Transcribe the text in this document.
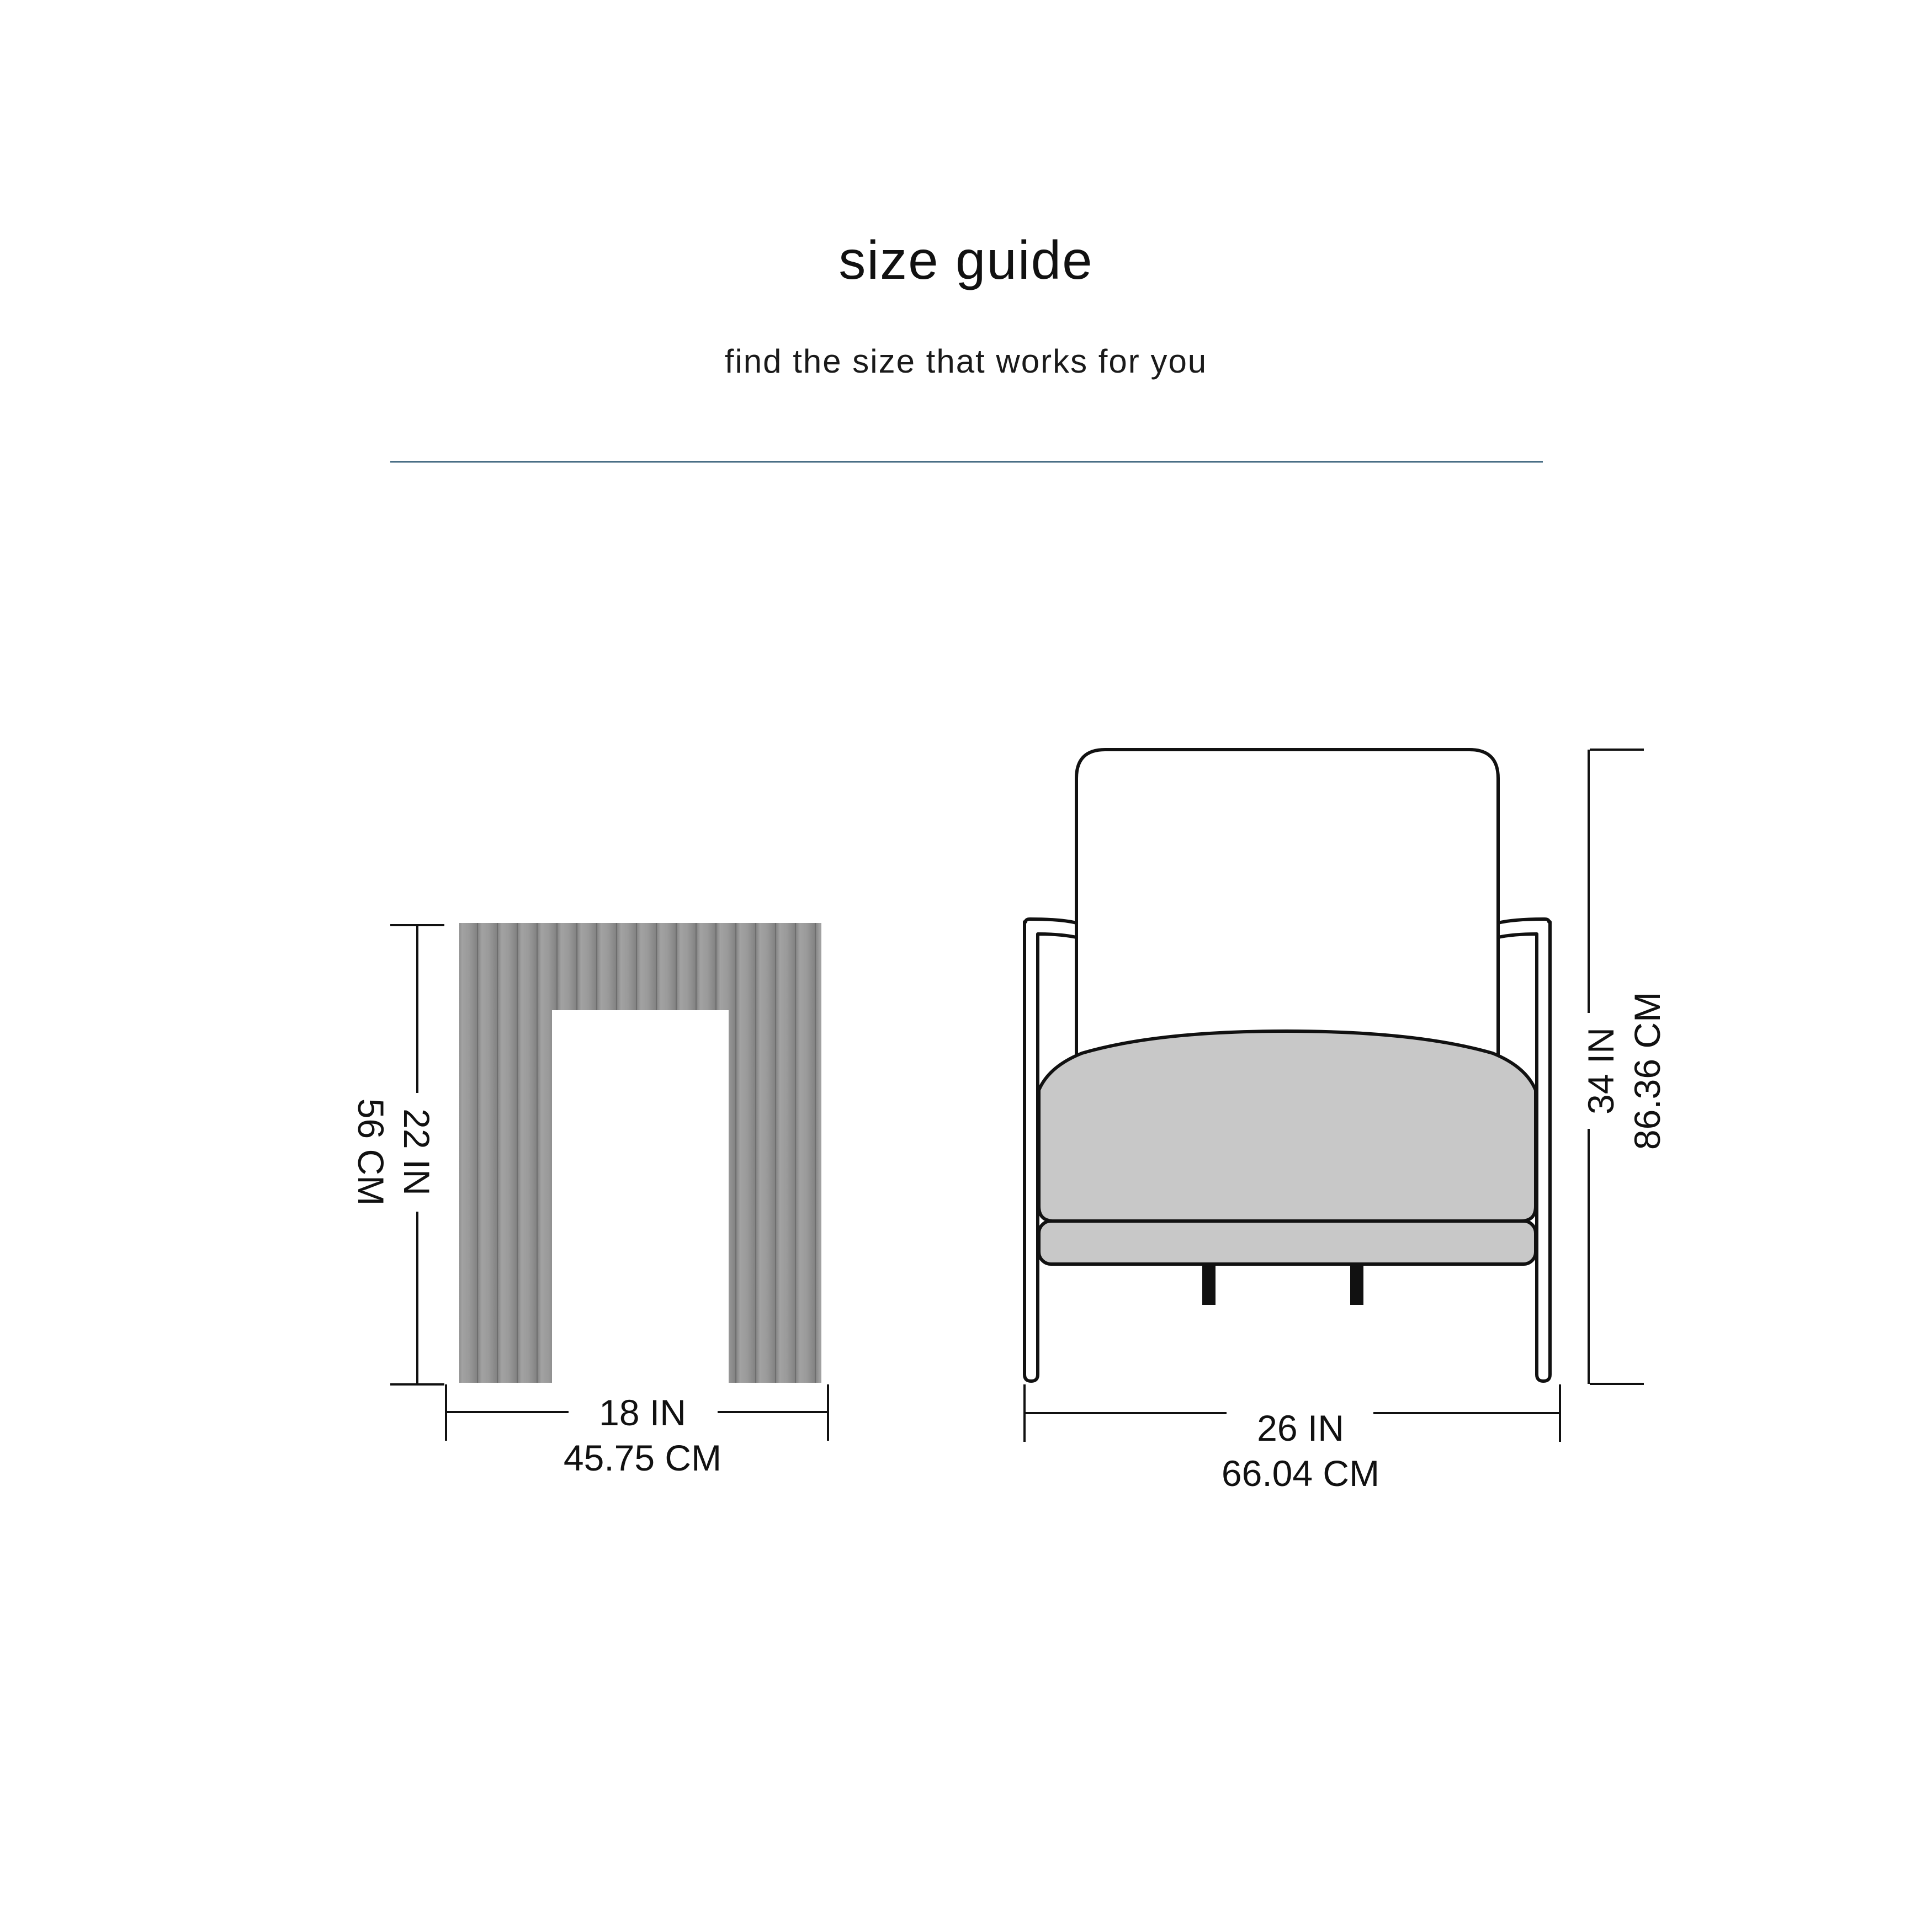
size guide

find the size that works for you

22 IN
56 CM
18 IN
45.75 CM
34 IN 86.36 CM
26 IN
66.04 CM
